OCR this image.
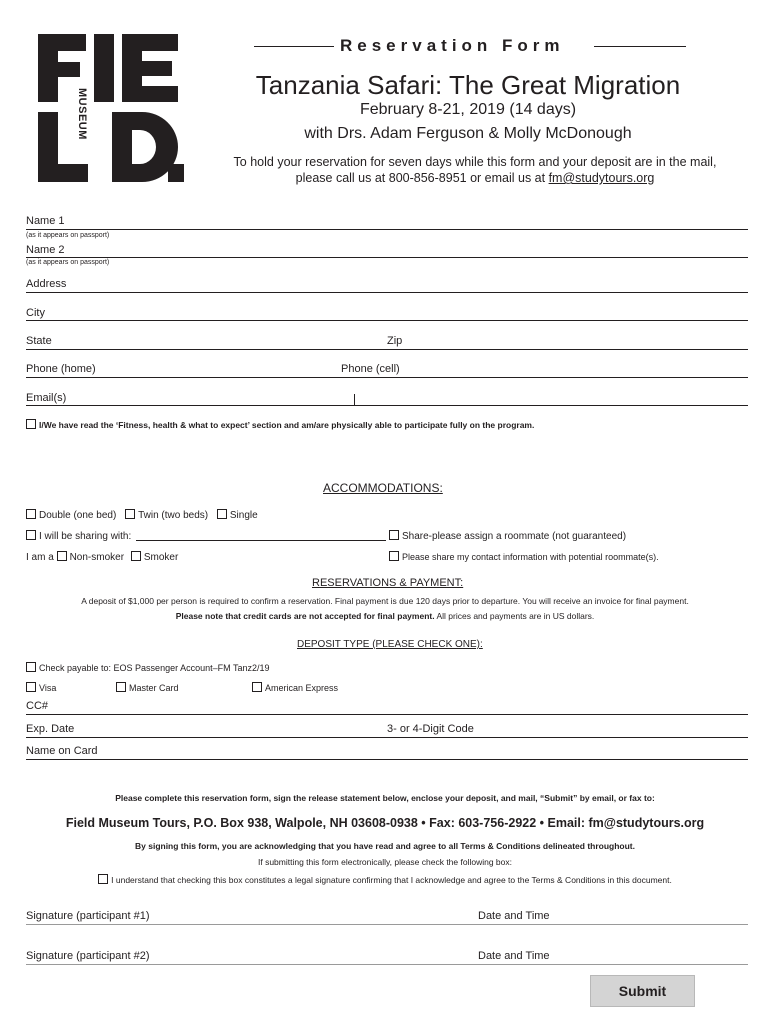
MUSEUM
Reservation Form
Tanzania Safari: The Great Migration
February 8-21, 2019 (14 days)
with Drs. Adam Ferguson & Molly McDonough
To hold your reservation for seven days while this form and your deposit are in the mail,
please call us at 800-856-8951 or email us at fm@studytours.org
Name 1
(as it appears on passport)
Name 2
(as it appears on passport)
Address
City
State	Zip
Phone (home)	Phone (cell)
Email(s)
I/We have read the ‘Fitness, health & what to expect’ section and am/are physically able to participate fully on the program.
ACCOMMODATIONS:
Double (one bed) Twin (two beds) Single
I will be sharing with:	Share-please assign a roommate (not guaranteed)
I am a Non-smoker Smoker	Please share my contact information with potential roommate(s).
RESERVATIONS & PAYMENT:
A deposit of $1,000 per person is required to confirm a reservation. Final payment is due 120 days prior to departure. You will receive an invoice for final payment.
Please note that credit cards are not accepted for final payment. All prices and payments are in US dollars.
DEPOSIT TYPE (PLEASE CHECK ONE):
Check payable to: EOS Passenger Account–FM Tanz2/19
Visa	Master Card	American Express
CC#
Exp. Date	3- or 4-Digit Code
Name on Card
Please complete this reservation form, sign the release statement below, enclose your deposit, and mail, “Submit” by email, or fax to:
Field Museum Tours, P.O. Box 938, Walpole, NH 03608-0938 • Fax: 603-756-2922 • Email: fm@studytours.org
By signing this form, you are acknowledging that you have read and agree to all Terms & Conditions delineated throughout.
If submitting this form electronically, please check the following box:
I understand that checking this box constitutes a legal signature confirming that I acknowledge and agree to the Terms & Conditions in this document.
Signature (participant #1)	Date and Time
Signature (participant #2)	Date and Time
Submit
